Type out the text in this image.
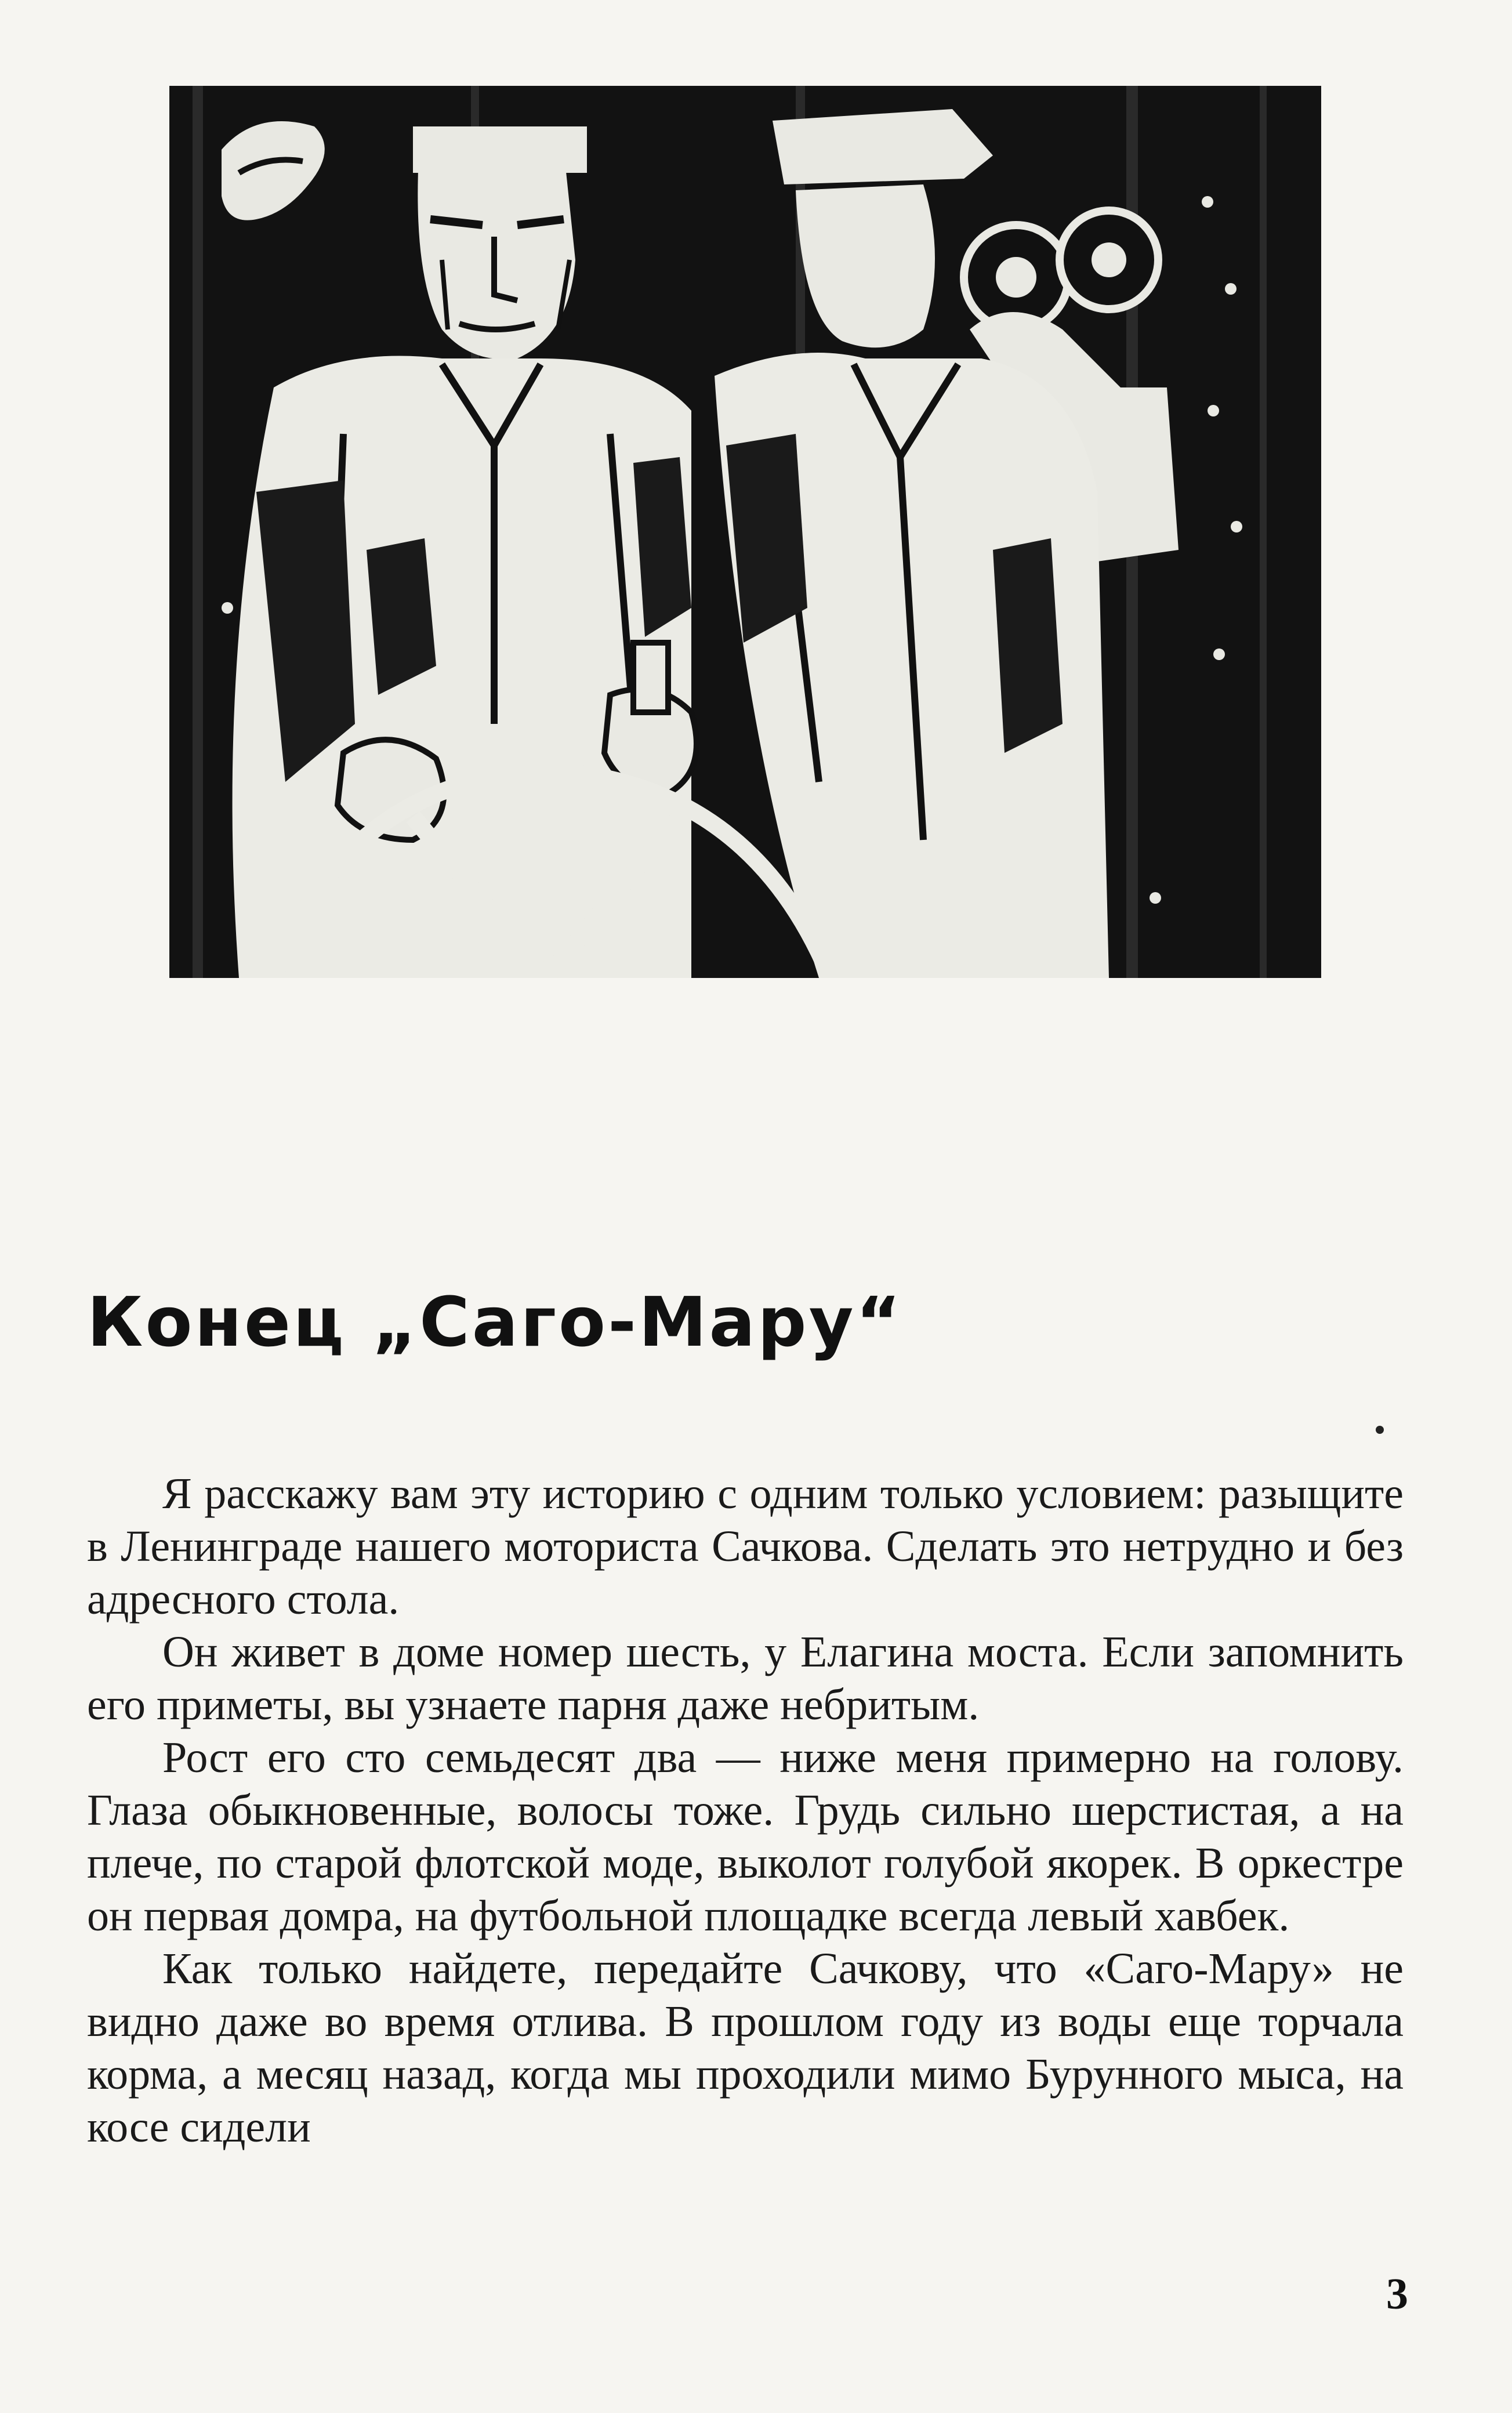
Конец „Саго-Мару“

Я расскажу вам эту историю с одним только условием: разыщите в Ленинграде нашего моториста Сачкова. Сделать это нетрудно и без адресного стола.

Он живет в доме номер шесть, у Елагина моста. Если запомнить его приметы, вы узнаете парня даже небритым.

Рост его сто семьдесят два — ниже меня примерно на голову. Глаза обыкновенные, волосы тоже. Грудь сильно шерстистая, а на плече, по старой флотской моде, выколот голубой якорек. В оркестре он первая домра, на футбольной площадке всегда левый хавбек.

Как только найдете, передайте Сачкову, что «Саго-Мару» не видно даже во время отлива. В прошлом году из воды еще торчала корма, а месяц назад, когда мы проходили мимо Бурунного мыса, на косе сидели

3
